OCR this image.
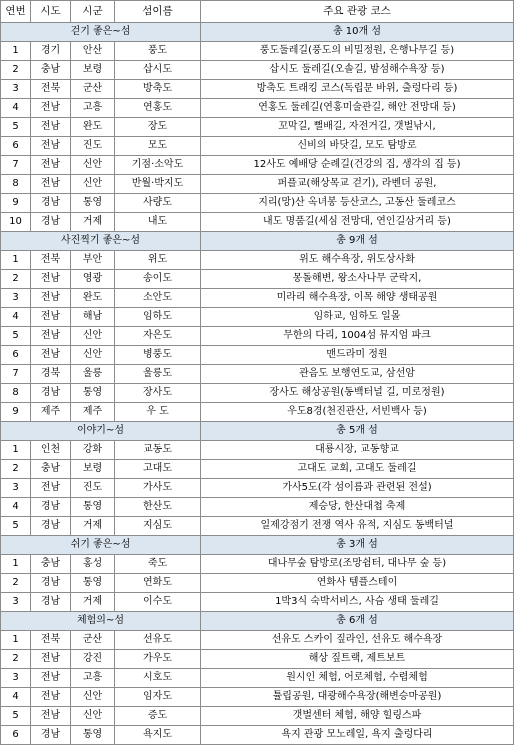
연번	시도	시군	섬이름	주요 관광 코스
걷기 좋은~섬				총 10개 섬
1	경기	안산	풍도	풍도둘레길(풍도의 비밀정원, 은행나무길 등)
2	충남	보령	삽시도	삽시도 둘레길(오솔길, 밤섬해수욕장 등)
3	전북	군산	방축도	방축도 트래킹 코스(독립문 바위, 출렁다리 등)
4	전남	고흥	연홍도	연홍도 둘레길(연홍미술관길, 해안 전망대 등)
5	전남	완도	장도	꼬막길, 뻘배길, 자전거길, 갯벌낚시,
6	전남	진도	모도	신비의 바닷길, 모도 탐방로
7	전남	신안	기점·소악도	12사도 예배당 순례길(건강의 집, 생각의 집 등)
8	전남	신안	반월·박지도	퍼플교(해상목교 걷기), 라벤더 공원,
9	경남	통영	사량도	지리(망)산 옥녀봉 등산코스, 고동산 둘레코스
10	경남	거제	내도	내도 명품길(세심 전망대, 연인길삼거리 등)
사진찍기 좋은~섬				총 9개 섬
1	전북	부안	위도	위도 해수욕장, 위도상사화
2	전남	영광	송이도	몽돌해변, 왕소사나무 군락지,
3	전남	완도	소안도	미라리 해수욕장, 이목 해양 생태공원
4	전남	해남	임하도	임하교, 임하도 일몰
5	전남	신안	자은도	무한의 다리, 1004섬 뮤지엄 파크
6	전남	신안	병풍도	맨드라미 정원
7	경북	울릉	울릉도	관음도 보행연도교, 삼선암
8	경남	통영	장사도	장사도 해상공원(동백터널 길, 미로정원)
9	제주	제주	우 도	우도8경(천진관산, 서빈백사 등)
이야기~섬				총 5개 섬
1	인천	강화	교동도	대룡시장, 교동향교
2	충남	보령	고대도	고대도 교회, 고대도 둘레길
3	전남	진도	가사도	가사5도(각 섬이름과 관련된 전설)
4	경남	통영	한산도	제승당, 한산대첩 축제
5	경남	거제	지심도	일제강점기 전쟁 역사 유적, 지심도 동백터널
쉬기 좋은~섬				총 3개 섬
1	충남	홍성	죽도	대나무숲 탐방로(조망쉼터, 대나무 숲 등)
2	경남	통영	연화도	연화사 템플스테이
3	경남	거제	이수도	1박3식 숙박서비스, 사슴 생태 둘레길
체험의~섬				총 6개 섬
1	전북	군산	선유도	선유도 스카이 짚라인, 선유도 해수욕장
2	전남	강진	가우도	해상 짚트랙, 제트보트
3	전남	고흥	시호도	원시인 체험, 어로체험, 수렵체험
4	전남	신안	임자도	튤립공원, 대광해수욕장(해변승마공원)
5	전남	신안	증도	갯벌센터 체험, 해양 힐링스파
6	경남	통영	욕지도	욕지 관광 모노레일, 욕지 출렁다리
